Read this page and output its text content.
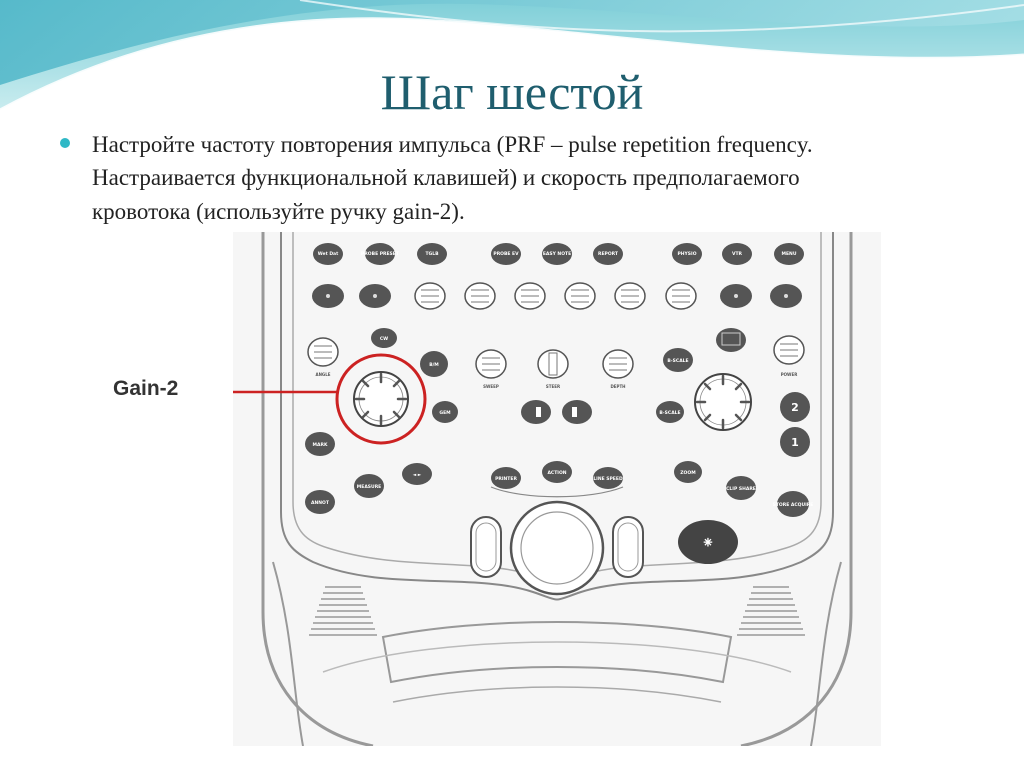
Шаг шестой
Настройте частоту повторения импульса (PRF – pulse repetition frequency. Настраивается функциональной клавишей) и скорость предполагаемого кровотока (используйте ручку gain-2).
Wet Dat	PROBE PRESET	TGLB	PROBE EV	EASY NOTE	REPORT	PHYSIO	VTR	MENU
ANGLE
CW
B/M
SWEEP	STEER	DEPTH
B-SCALE
POWER
GEM	B-SCALE	2
1
MARK
ANNOT
MEASURE
◄ ►
PRINTER
ACTION
LINE SPEED
ZOOM
CLIP SHARE
STORE ACQUIRE
⁕
Gain-2
